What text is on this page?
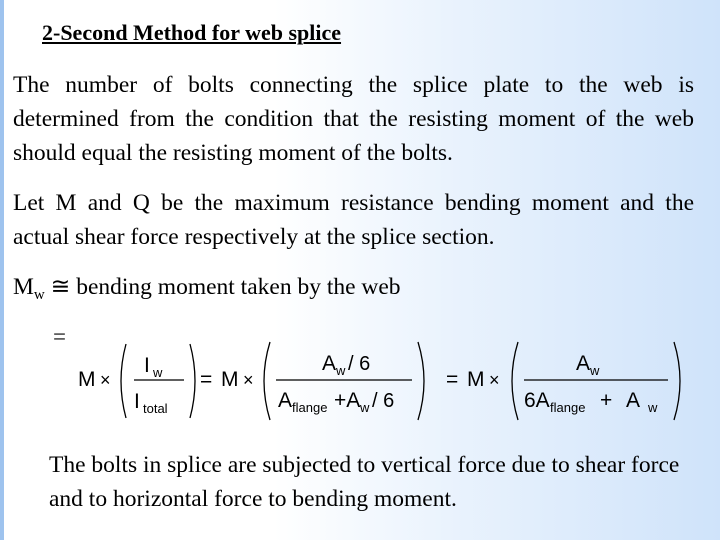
2-Second Method for web splice
The number of bolts connecting the splice plate to the web is determined from the condition that the resisting moment of the web should equal the resisting moment of the bolts.
Let M and Q be the maximum resistance bending moment and the actual shear force respectively at the splice section.
$M_w$ ≅ bending moment taken by the web
=
M ×
I w
I total
= M ×
A w / 6
A flange +A w / 6
= M ×
A w
6A flange + A w
The bolts in splice are subjected to vertical force due to shear force and to horizontal force to bending moment.
